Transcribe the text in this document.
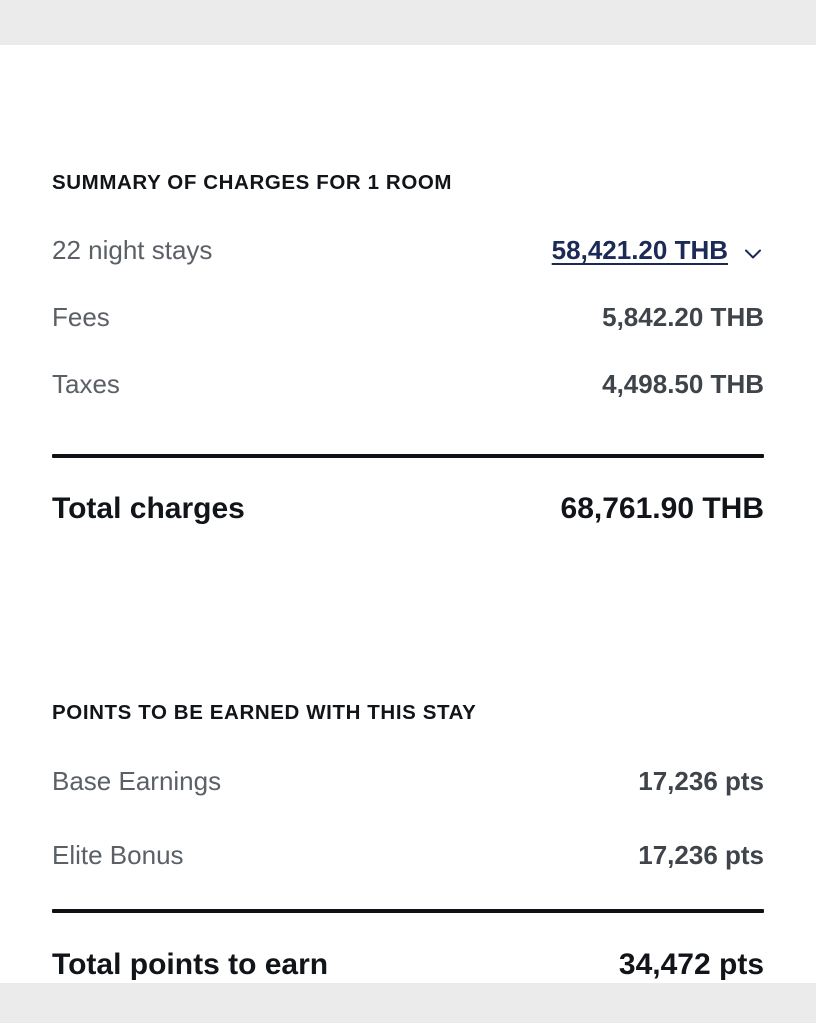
SUMMARY OF CHARGES FOR 1 ROOM
22 night stays	58,421.20 THB
Fees	5,842.20 THB
Taxes	4,498.50 THB
Total charges	68,761.90 THB
POINTS TO BE EARNED WITH THIS STAY
Base Earnings	17,236 pts
Elite Bonus	17,236 pts
Total points to earn	34,472 pts
